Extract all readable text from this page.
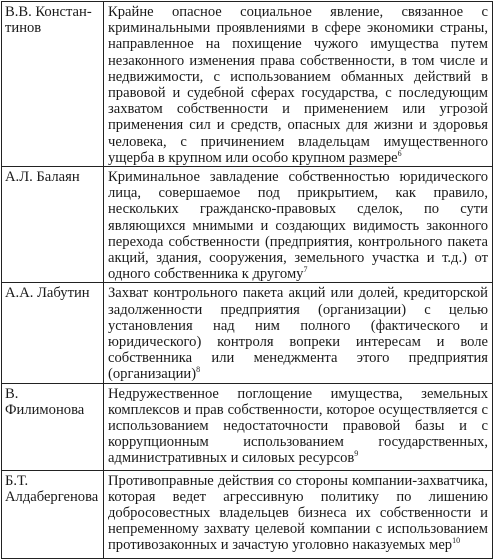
В.В. Констан-тинов	Крайне опасное социальное явление, связанное с криминальными проявлениями в сфере экономики страны, направленное на похищение чужого имущества путем незаконного изменения права собственности, в том числе и недвижимости, с использованием обманных действий в правовой и судебной сферах государства, с последующим захватом собственности и применением или угрозой применения сил и средств, опасных для жизни и здоровья человека, с причинением владельцам имущественного ущерба в крупном или особо крупном размере$^6$
А.Л. Балаян	Криминальное завладение собственностью юридического лица, совершаемое под прикрытием, как правило, нескольких гражданско-правовых сделок, по сути являющихся мнимыми и создающих видимость законного перехода собственности (предприятия, контрольного пакета акций, здания, сооружения, земельного участка и т.д.) от одного собственника к другому$^7$
А.А. Лабутин	Захват контрольного пакета акций или долей, кредиторской задолженности предприятия (организации) с целью установления над ним полного (фактического и юридического) контроля вопреки интересам и воле собственника или менеджмента этого предприятия (организации)$^8$
В. Филимонова	Недружественное поглощение имущества, земельных комплексов и прав собственности, которое осуществляется с использованием недостаточности правовой базы и с коррупционным использованием государственных, административных и силовых ресурсов$^9$
Б.Т. Алдабергенова	Противоправные действия со стороны компании-захватчика, которая ведет агрессивную политику по лишению добросовестных владельцев бизнеса их собственности и непременному захвату целевой компании с использованием противозаконных и зачастую уголовно наказуемых мер$^{10}$
